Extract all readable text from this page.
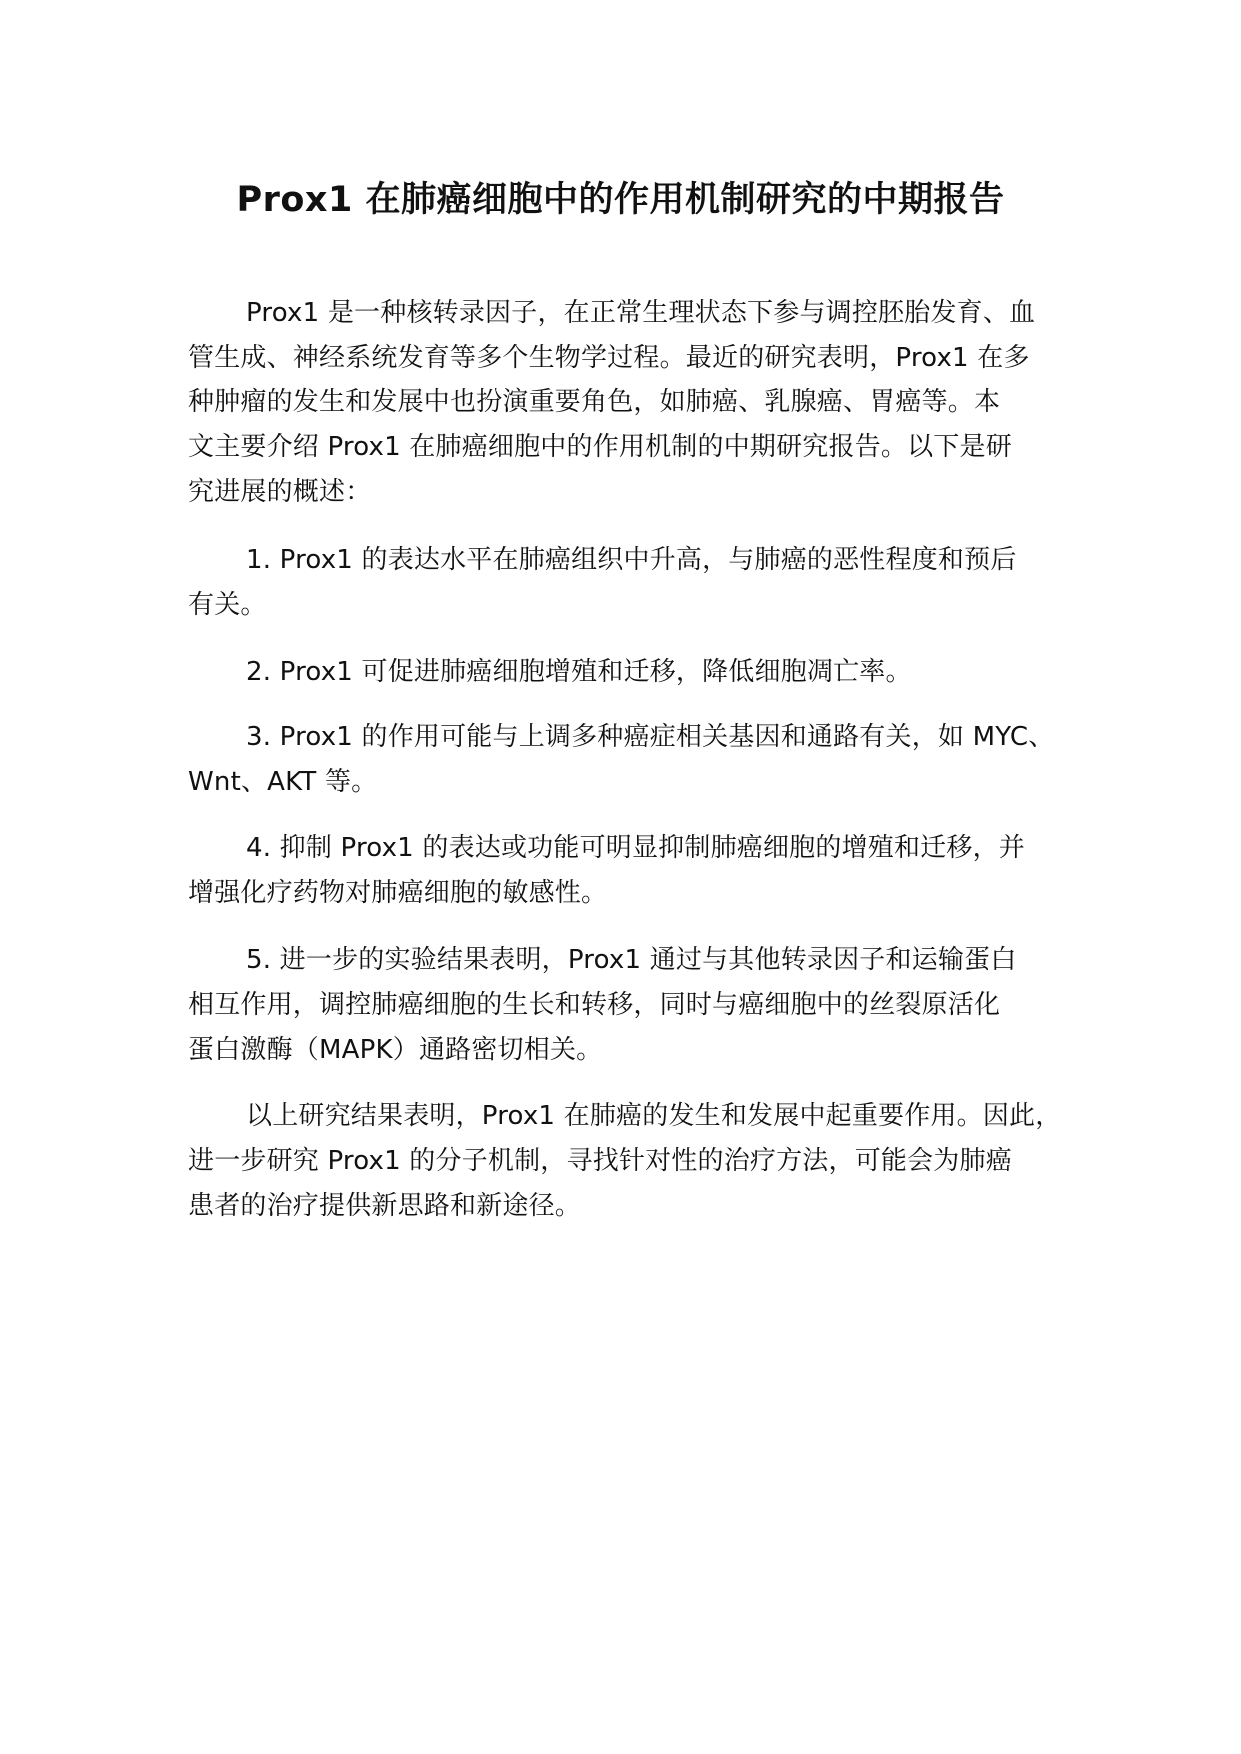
Prox1 在肺癌细胞中的作用机制研究的中期报告
Prox1 是一种核转录因子，在正常生理状态下参与调控胚胎发育、血
管生成、神经系统发育等多个生物学过程。最近的研究表明，Prox1 在多
种肿瘤的发生和发展中也扮演重要角色，如肺癌、乳腺癌、胃癌等。本
文主要介绍 Prox1 在肺癌细胞中的作用机制的中期研究报告。以下是研
究进展的概述：
1. Prox1 的表达水平在肺癌组织中升高，与肺癌的恶性程度和预后
有关。
2. Prox1 可促进肺癌细胞增殖和迁移，降低细胞凋亡率。
3. Prox1 的作用可能与上调多种癌症相关基因和通路有关，如 MYC、
Wnt、AKT 等。
4. 抑制 Prox1 的表达或功能可明显抑制肺癌细胞的增殖和迁移，并
增强化疗药物对肺癌细胞的敏感性。
5. 进一步的实验结果表明，Prox1 通过与其他转录因子和运输蛋白
相互作用，调控肺癌细胞的生长和转移，同时与癌细胞中的丝裂原活化
蛋白激酶（MAPK）通路密切相关。
以上研究结果表明，Prox1 在肺癌的发生和发展中起重要作用。因此，
进一步研究 Prox1 的分子机制，寻找针对性的治疗方法，可能会为肺癌
患者的治疗提供新思路和新途径。
